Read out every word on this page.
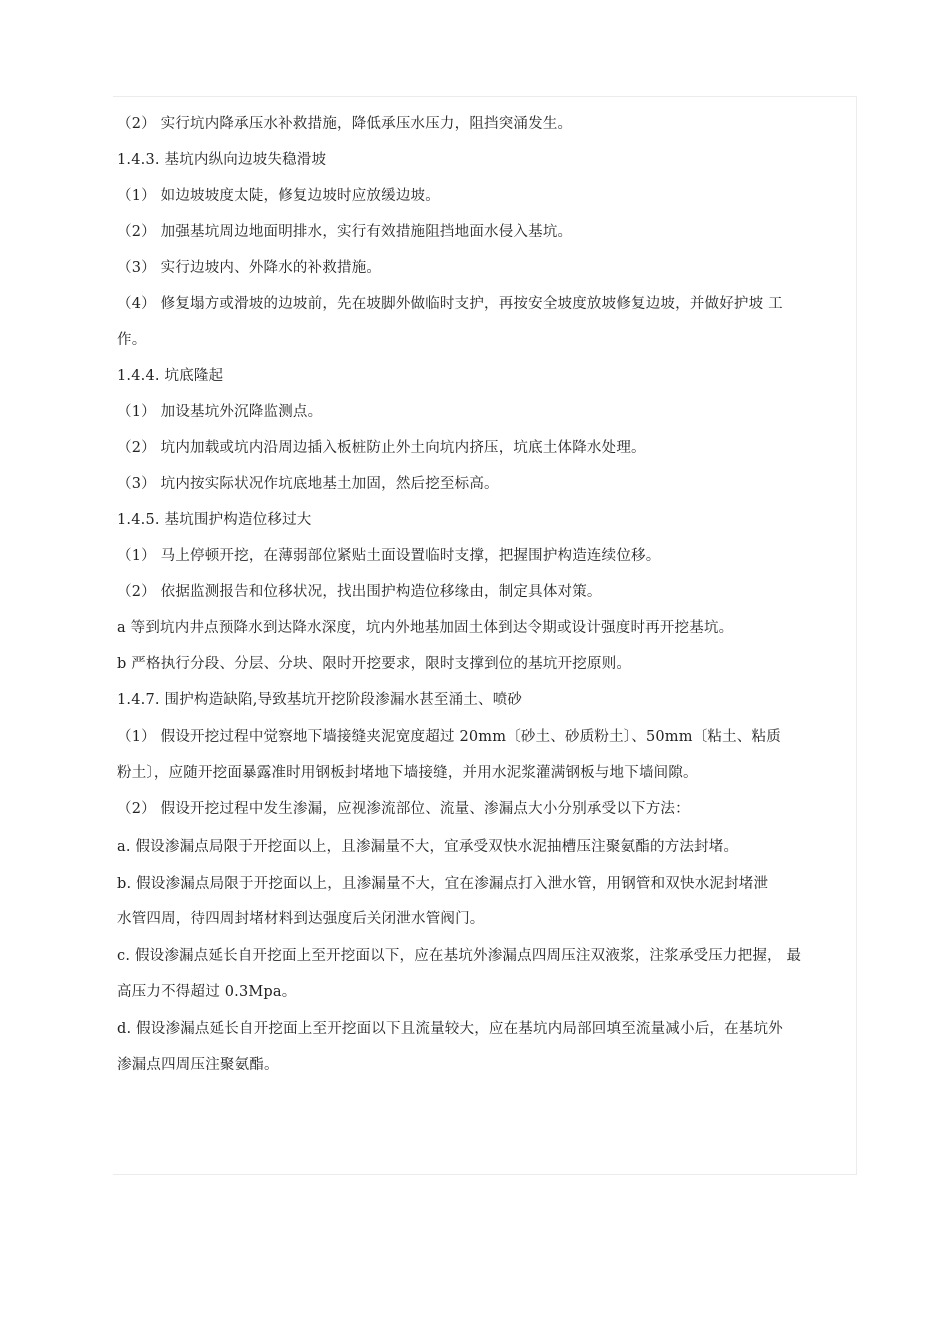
（2） 实行坑内降承压水补救措施，降低承压水压力，阻挡突涌发生。
1.4.3. 基坑内纵向边坡失稳滑坡
（1） 如边坡坡度太陡，修复边坡时应放缓边坡。
（2） 加强基坑周边地面明排水，实行有效措施阻挡地面水侵入基坑。
（3） 实行边坡内、外降水的补救措施。
（4） 修复塌方或滑坡的边坡前，先在坡脚外做临时支护，再按安全坡度放坡修复边坡，并做好护坡 工
作。
1.4.4. 坑底隆起
（1） 加设基坑外沉降监测点。
（2） 坑内加载或坑内沿周边插入板桩防止外土向坑内挤压，坑底土体降水处理。
（3） 坑内按实际状况作坑底地基土加固，然后挖至标高。
1.4.5. 基坑围护构造位移过大
（1） 马上停顿开挖，在薄弱部位紧贴土面设置临时支撑，把握围护构造连续位移。
（2） 依据监测报告和位移状况，找出围护构造位移缘由，制定具体对策。
a 等到坑内井点预降水到达降水深度，坑内外地基加固土体到达令期或设计强度时再开挖基坑。
b 严格执行分段、分层、分块、限时开挖要求，限时支撑到位的基坑开挖原则。
1.4.7. 围护构造缺陷,导致基坑开挖阶段渗漏水甚至涌土、喷砂
（1） 假设开挖过程中觉察地下墙接缝夹泥宽度超过 20mm〔砂土、砂质粉土〕、50mm〔粘土、粘质
粉土〕，应随开挖面暴露准时用钢板封堵地下墙接缝，并用水泥浆灌满钢板与地下墙间隙。
（2） 假设开挖过程中发生渗漏，应视渗流部位、流量、渗漏点大小分别承受以下方法：
a. 假设渗漏点局限于开挖面以上，且渗漏量不大，宜承受双快水泥抽槽压注聚氨酯的方法封堵。
b. 假设渗漏点局限于开挖面以上，且渗漏量不大，宜在渗漏点打入泄水管，用钢管和双快水泥封堵泄
水管四周，待四周封堵材料到达强度后关闭泄水管阀门。
c. 假设渗漏点延长自开挖面上至开挖面以下，应在基坑外渗漏点四周压注双液浆，注浆承受压力把握， 最
高压力不得超过 0.3Mpa。
d. 假设渗漏点延长自开挖面上至开挖面以下且流量较大，应在基坑内局部回填至流量减小后，在基坑外
渗漏点四周压注聚氨酯。
